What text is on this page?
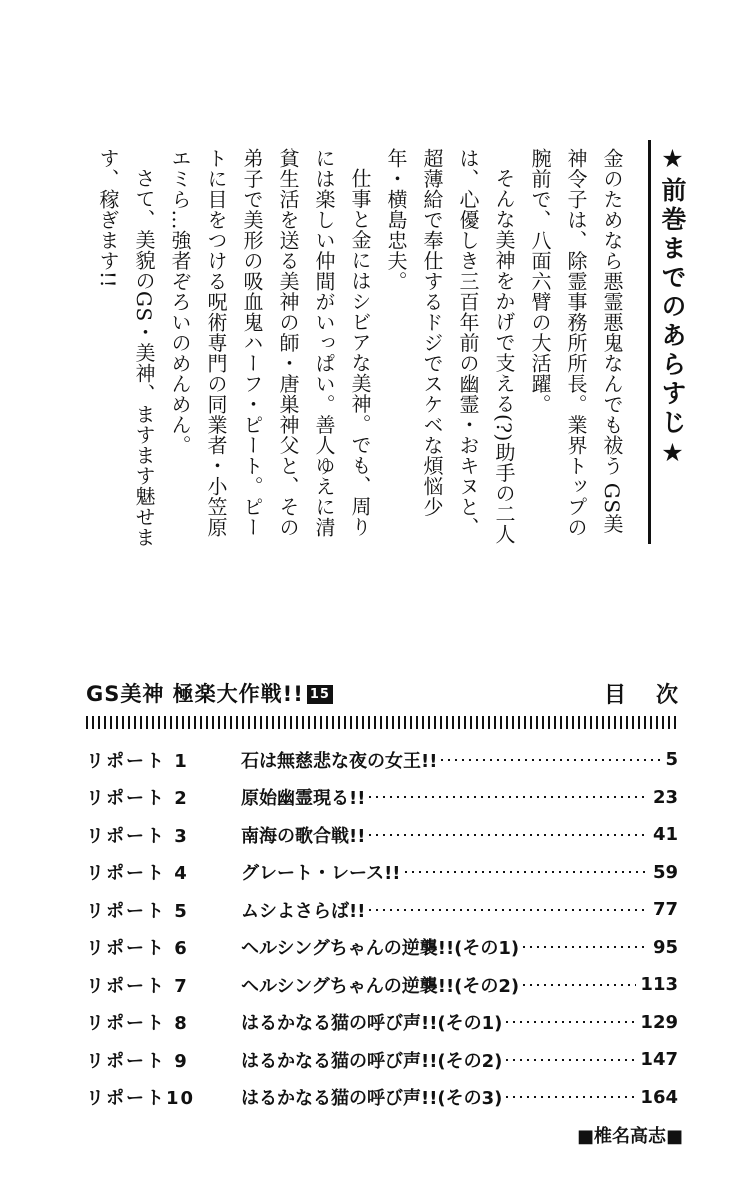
★前巻までのあらすじ★

金のためなら悪霊悪鬼なんでも祓う GS美神令子は、除霊事務所所長。業界トップの腕前で、八面六臂の大活躍。

そんな美神をかげで支える(?)助手の二人は、心優しき三百年前の幽霊・おキヌと、超薄給で奉仕するドジでスケベな煩悩少年・横島忠夫。

仕事と金にはシビアな美神。でも、周りには楽しい仲間がいっぱい。善人ゆえに清貧生活を送る美神の師・唐巣神父と、その弟子で美形の吸血鬼ハーフ・ピート。ピートに目をつける呪術専門の同業者・小笠原エミら…強者ぞろいのめんめん。

さて、美貌のGS・美神、ますます魅せます、稼ぎます!!

GS美神 極楽大作戦!! 15	目次
リポート 1	石は無慈悲な夜の女王!!	5
リポート 2	原始幽霊現る!!	23
リポート 3	南海の歌合戦!!	41
リポート 4	グレート・レース!!	59
リポート 5	ムシよさらば!!	77
リポート 6	ヘルシングちゃんの逆襲!!(その1)	95
リポート 7	ヘルシングちゃんの逆襲!!(その2)	113
リポート 8	はるかなる猫の呼び声!!(その1)	129
リポート 9	はるかなる猫の呼び声!!(その2)	147
リポート10	はるかなる猫の呼び声!!(その3)	164
■椎名高志■
